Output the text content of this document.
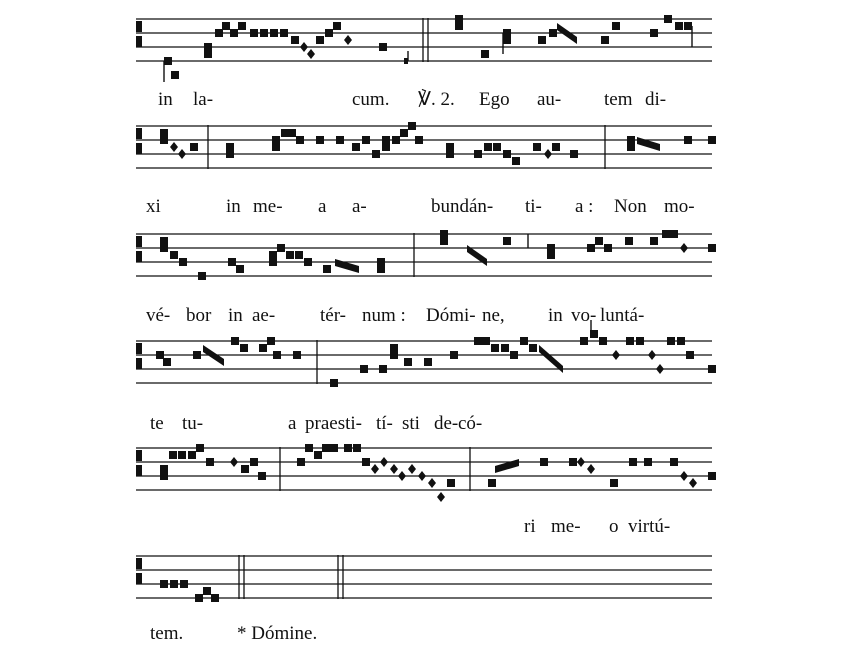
in la-	cum. ℣. 2. Ego au- tem di-
xi	in me- a a-	bundán- ti- a : Non mo-
vé- bor in ae- tér- num : Dómi- ne, in vo- luntá-
te tu-	a praesti- tí- sti de- có-
ri me- o virtú-
tem.	* Dómine.
